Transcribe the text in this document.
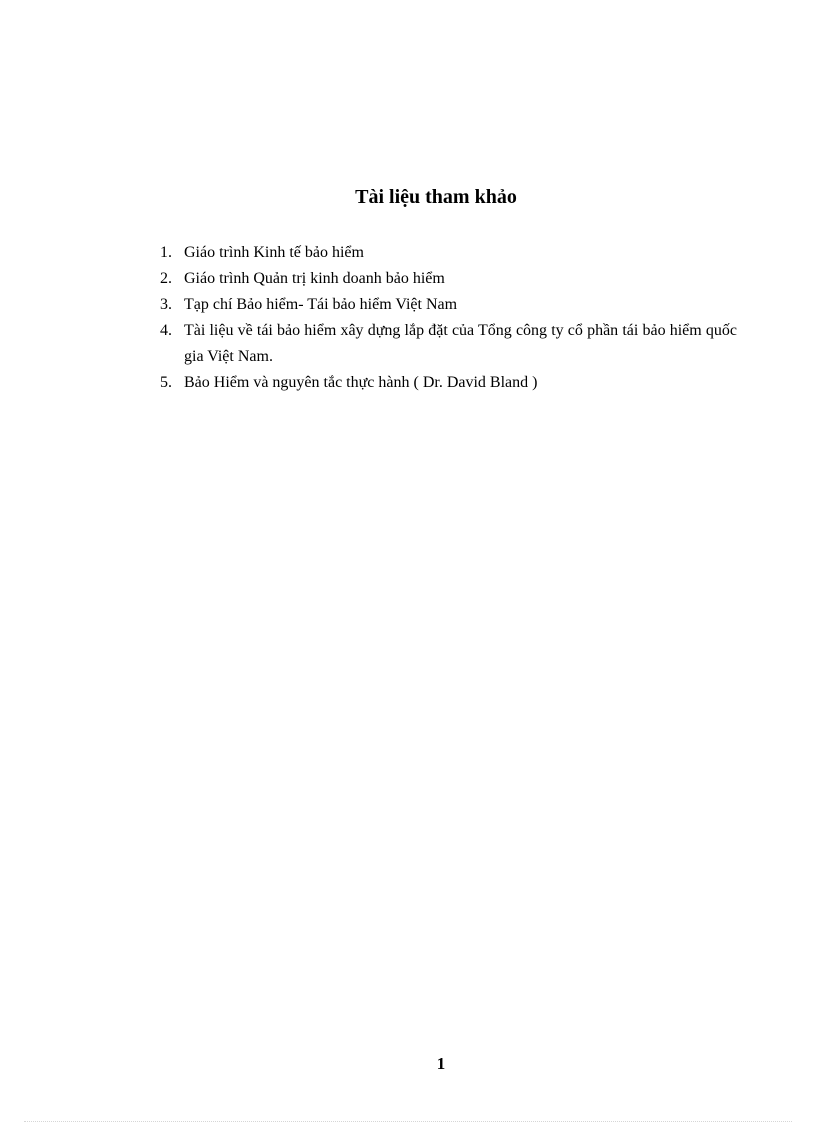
Tài liệu tham khảo
1. Giáo trình Kinh tế bảo hiểm
2. Giáo trình Quản trị kinh doanh bảo hiểm
3. Tạp chí Bảo hiểm- Tái bảo hiểm Việt Nam
4. Tài liệu về tái bảo hiểm xây dựng lắp đặt của Tổng công ty cổ phần tái bảo hiểm quốc gia Việt Nam.
5. Bảo Hiểm và nguyên tắc thực hành ( Dr. David Bland )
1
